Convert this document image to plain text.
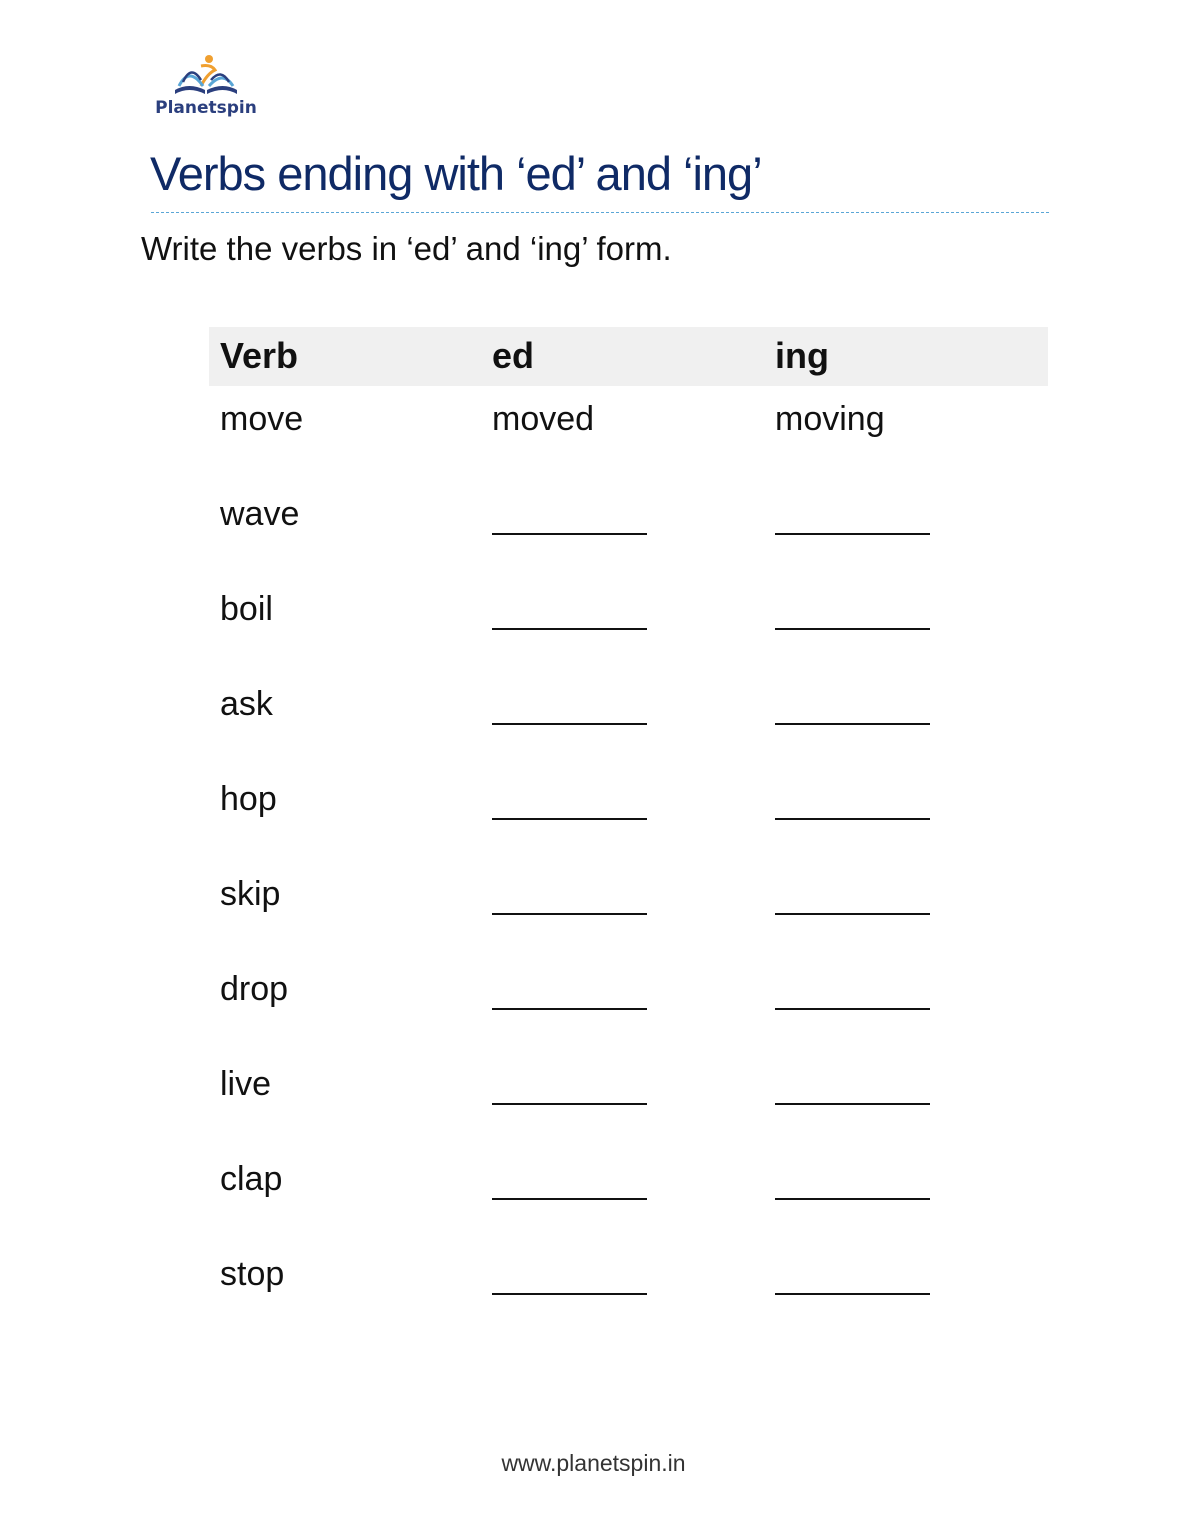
Planetspin
Verbs ending with ‘ed’ and ‘ing’
Write the verbs in ‘ed’ and ‘ing’ form.
Verb	ed	ing
move	moved	moving
wave
boil
ask
hop
skip
drop
live
clap
stop
www.planetspin.in
